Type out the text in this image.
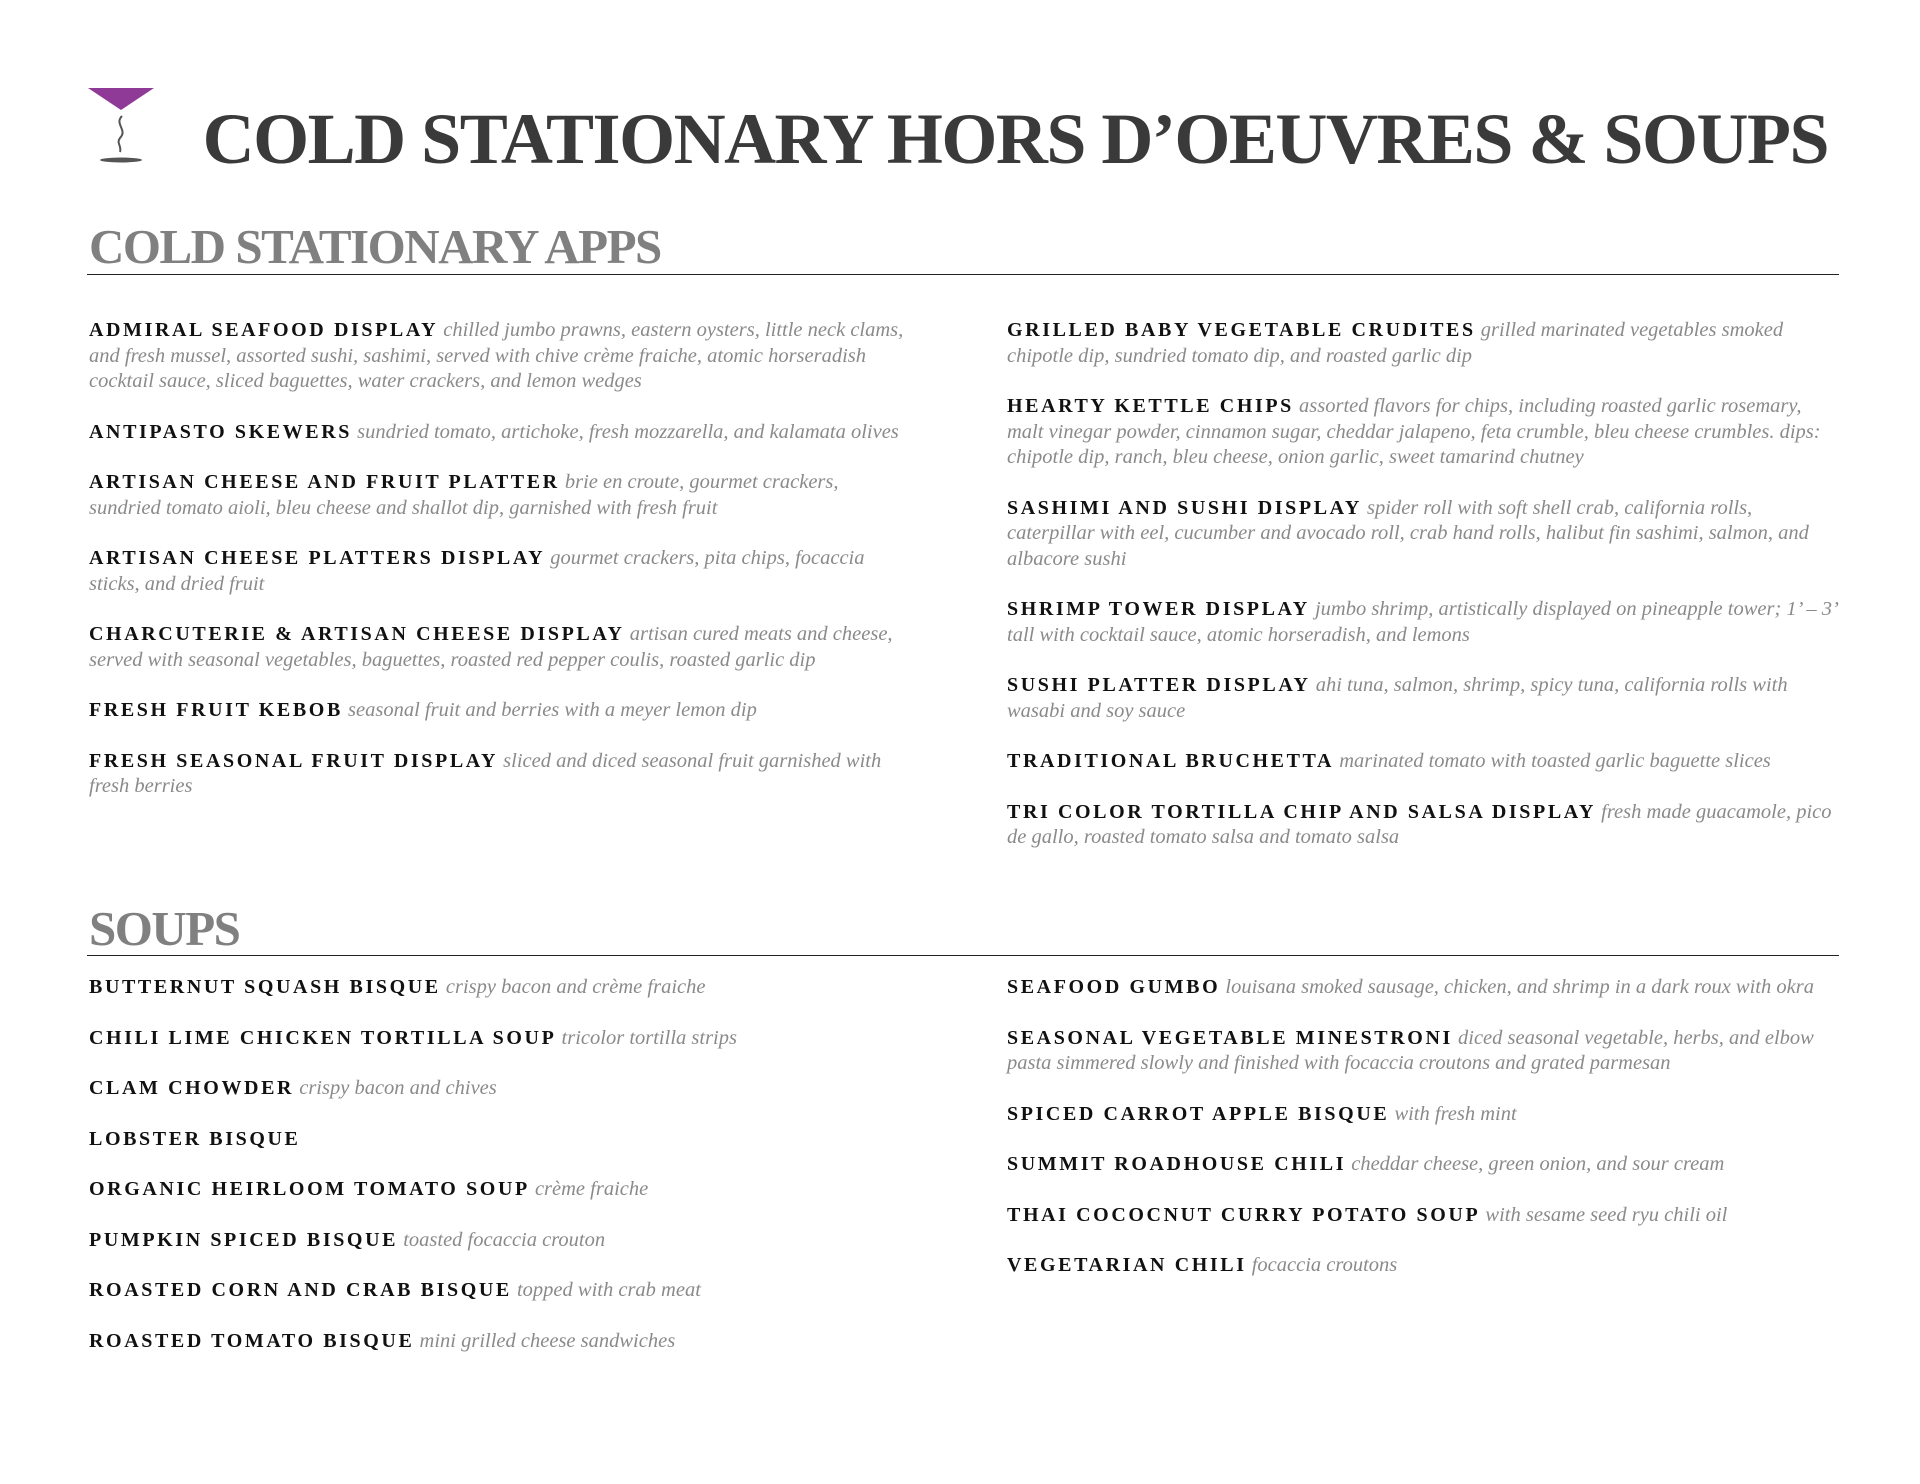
COLD STATIONARY HORS D’OEUVRES & SOUPS
COLD STATIONARY APPS
ADMIRAL SEAFOOD DISPLAY chilled jumbo prawns, eastern oysters, little neck clams, and fresh mussel, assorted sushi, sashimi, served with chive crème fraiche, atomic horseradish cocktail sauce, sliced baguettes, water crackers, and lemon wedges
ANTIPASTO SKEWERS sundried tomato, artichoke, fresh mozzarella, and kalamata olives
ARTISAN CHEESE AND FRUIT PLATTER brie en croute, gourmet crackers, sundried tomato aioli, bleu cheese and shallot dip, garnished with fresh fruit
ARTISAN CHEESE PLATTERS DISPLAY gourmet crackers, pita chips, focaccia sticks, and dried fruit
CHARCUTERIE & ARTISAN CHEESE DISPLAY artisan cured meats and cheese, served with seasonal vegetables, baguettes, roasted red pepper coulis, roasted garlic dip
FRESH FRUIT KEBOB seasonal fruit and berries with a meyer lemon dip
FRESH SEASONAL FRUIT DISPLAY sliced and diced seasonal fruit garnished with fresh berries
GRILLED BABY VEGETABLE CRUDITES grilled marinated vegetables smoked chipotle dip, sundried tomato dip, and roasted garlic dip
HEARTY KETTLE CHIPS assorted flavors for chips, including roasted garlic rosemary, malt vinegar powder, cinnamon sugar, cheddar jalapeno, feta crumble, bleu cheese crumbles. dips: chipotle dip, ranch, bleu cheese, onion garlic, sweet tamarind chutney
SASHIMI AND SUSHI DISPLAY spider roll with soft shell crab, california rolls, caterpillar with eel, cucumber and avocado roll, crab hand rolls, halibut fin sashimi, salmon, and albacore sushi
SHRIMP TOWER DISPLAY jumbo shrimp, artistically displayed on pineapple tower; 1’ – 3’ tall with cocktail sauce, atomic horseradish, and lemons
SUSHI PLATTER DISPLAY ahi tuna, salmon, shrimp, spicy tuna, california rolls with wasabi and soy sauce
TRADITIONAL BRUCHETTA marinated tomato with toasted garlic baguette slices
TRI COLOR TORTILLA CHIP AND SALSA DISPLAY fresh made guacamole, pico de gallo, roasted tomato salsa and tomato salsa
SOUPS
BUTTERNUT SQUASH BISQUE crispy bacon and crème fraiche
CHILI LIME CHICKEN TORTILLA SOUP tricolor tortilla strips
CLAM CHOWDER crispy bacon and chives
LOBSTER BISQUE
ORGANIC HEIRLOOM TOMATO SOUP crème fraiche
PUMPKIN SPICED BISQUE toasted focaccia crouton
ROASTED CORN AND CRAB BISQUE topped with crab meat
ROASTED TOMATO BISQUE mini grilled cheese sandwiches
SEAFOOD GUMBO louisana smoked sausage, chicken, and shrimp in a dark roux with okra
SEASONAL VEGETABLE MINESTRONI diced seasonal vegetable, herbs, and elbow pasta simmered slowly and finished with focaccia croutons and grated parmesan
SPICED CARROT APPLE BISQUE with fresh mint
SUMMIT ROADHOUSE CHILI cheddar cheese, green onion, and sour cream
THAI COCOCNUT CURRY POTATO SOUP with sesame seed ryu chili oil
VEGETARIAN CHILI focaccia croutons
